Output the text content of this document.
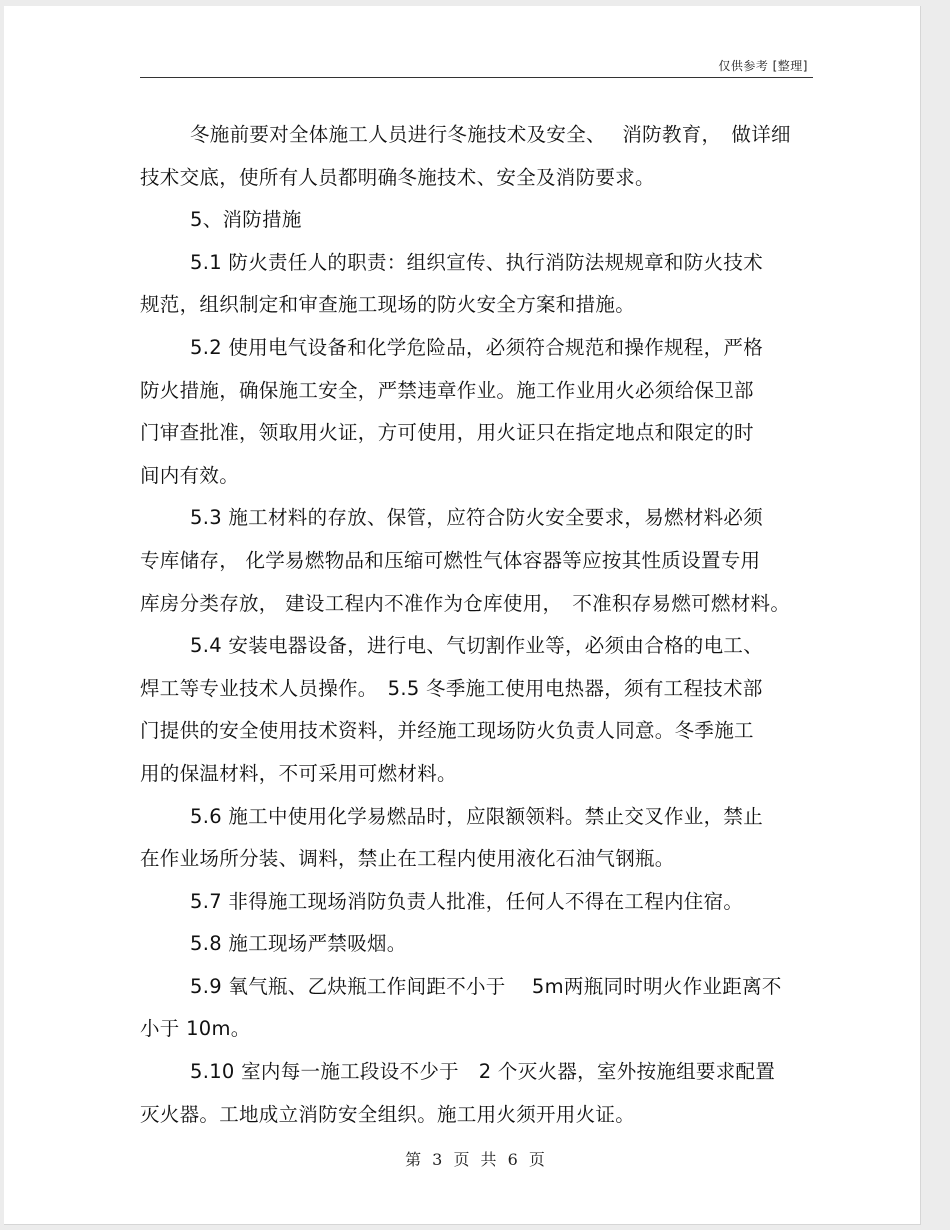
仅供参考 [整理]
冬施前要对全体施工人员进行冬施技术及安全、　 消防教育，　做详细
技术交底，使所有人员都明确冬施技术、安全及消防要求。
5、消防措施
5.1 防火责任人的职责：组织宣传、执行消防法规规章和防火技术
规范，组织制定和审查施工现场的防火安全方案和措施。
5.2 使用电气设备和化学危险品，必须符合规范和操作规程，严格
防火措施，确保施工安全，严禁违章作业。施工作业用火必须给保卫部
门审查批准，领取用火证，方可使用，用火证只在指定地点和限定的时
间内有效。
5.3 施工材料的存放、保管，应符合防火安全要求，易燃材料必须
专库储存， 化学易燃物品和压缩可燃性气体容器等应按其性质设置专用
库房分类存放， 建设工程内不准作为仓库使用，　不准积存易燃可燃材料。
5.4 安装电器设备，进行电、气切割作业等，必须由合格的电工、
焊工等专业技术人员操作。　5.5 冬季施工使用电热器，须有工程技术部
门提供的安全使用技术资料，并经施工现场防火负责人同意。冬季施工
用的保温材料，不可采用可燃材料。
5.6 施工中使用化学易燃品时，应限额领料。禁止交叉作业，禁止
在作业场所分装、调料，禁止在工程内使用液化石油气钢瓶。
5.7 非得施工现场消防负责人批准，任何人不得在工程内住宿。
5.8 施工现场严禁吸烟。
5.9 氧气瓶、乙炔瓶工作间距不小于　 5m两瓶同时明火作业距离不
小于 10m。
5.10 室内每一施工段设不少于　2 个灭火器，室外按施组要求配置
灭火器。工地成立消防安全组织。施工用火须开用火证。
第 3 页 共 6 页
